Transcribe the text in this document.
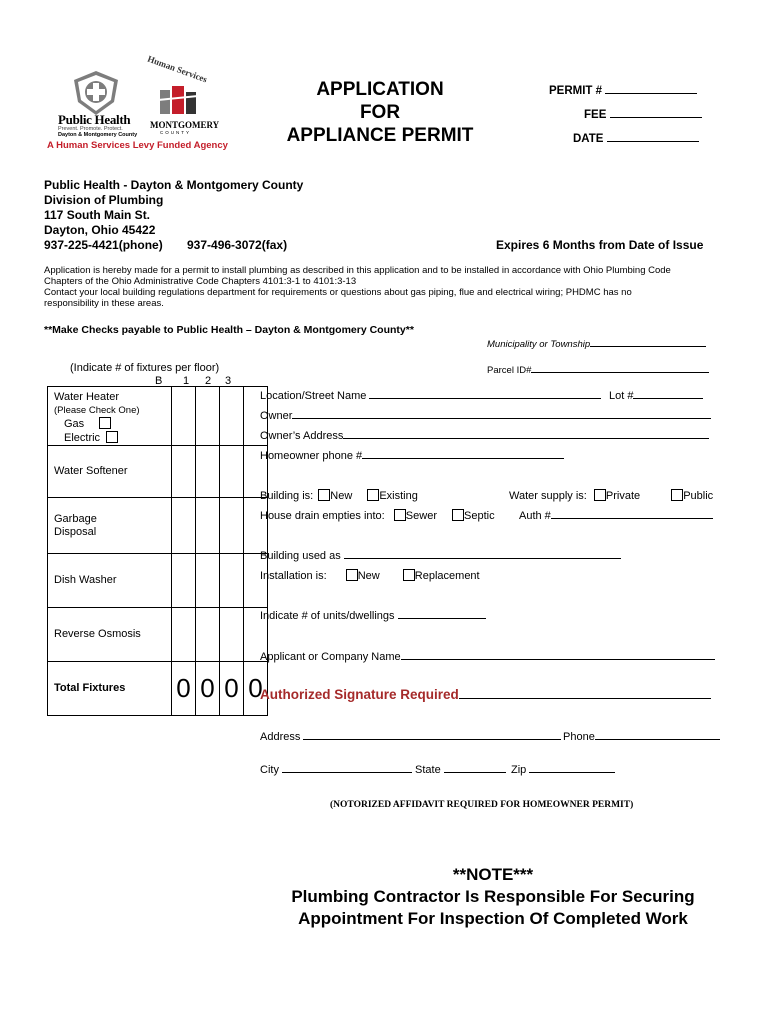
Public Health
Prevent. Promote. Protect.
Dayton & Montgomery County
Human Services
MONTGOMERY
COUNTY
A Human Services Levy Funded Agency
APPLICATION
FOR
APPLIANCE PERMIT
PERMIT #
FEE
DATE
Public Health - Dayton & Montgomery County
Division of Plumbing
117 South Main St.
Dayton, Ohio 45422
937-225-4421(phone) 937-496-3072(fax)	Expires 6 Months from Date of Issue
Application is hereby made for a permit to install plumbing as described in this application and to be installed in accordance with Ohio Plumbing Code
Chapters of the Ohio Administrative Code Chapters 4101:3-1 to 4101:3-13
Contact your local building regulations department for requirements or questions about gas piping, flue and electrical wiring; PHDMC has no
responsibility in these areas.
**Make Checks payable to Public Health – Dayton & Montgomery County**
Municipality or Township
Parcel ID#
(Indicate # of fixtures per floor)
B 1 2 3
Water Heater
(Please Check One)
Gas
Electric				

Water Softener				

Garbage
Disposal				

Dish Washer				
Reverse Osmosis				
Total Fixtures	0	0	0	0
Location/Street Name	Lot #
Owner
Owner’s Address
Homeowner phone #
Building is: New Existing	Water supply is: Private	Public
House drain empties into: Sewer Septic Auth #
Building used as
Installation is:	New	Replacement
Indicate # of units/dwellings
Applicant or Company Name
Authorized Signature Required
Address	Phone
City	State	Zip
(NOTORIZED AFFIDAVIT REQUIRED FOR HOMEOWNER PERMIT)
**NOTE***
Plumbing Contractor Is Responsible For Securing
Appointment For Inspection Of Completed Work
